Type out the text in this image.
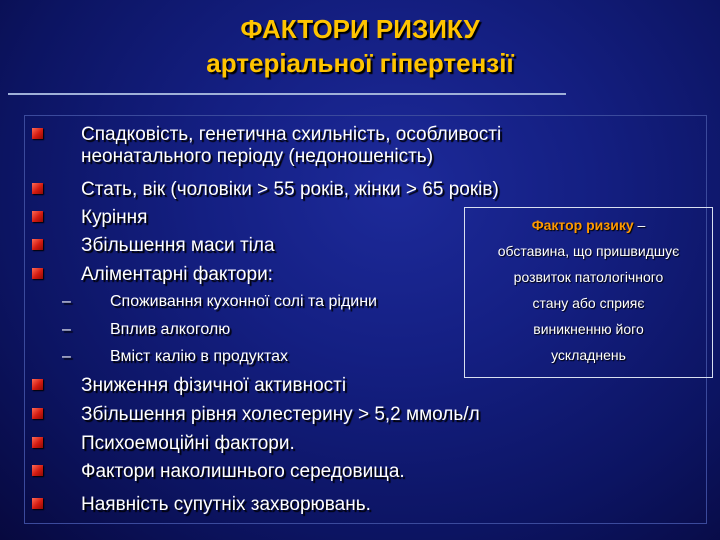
ФАКТОРИ РИЗИКУ
артеріальної гіпертензії
Спадковість, генетична схильність, особливості
неонатального періоду (недоношеність)
Стать, вік (чоловіки > 55 років, жінки > 65 років)
Куріння
Збільшення маси тіла
Аліментарні фактори:
– Споживання кухонної солі та рідини
– Вплив алкоголю
– Вміст калію в продуктах
Зниження фізичної активності
Збільшення рівня холестерину > 5,2 ммоль/л
Психоемоційні фактори.
Фактори наколишнього середовища.
Наявність супутніх захворювань.
Фактор ризику –
обставина, що пришвидшує
розвиток патологічного
стану або сприяє
виникненню його
ускладнень
